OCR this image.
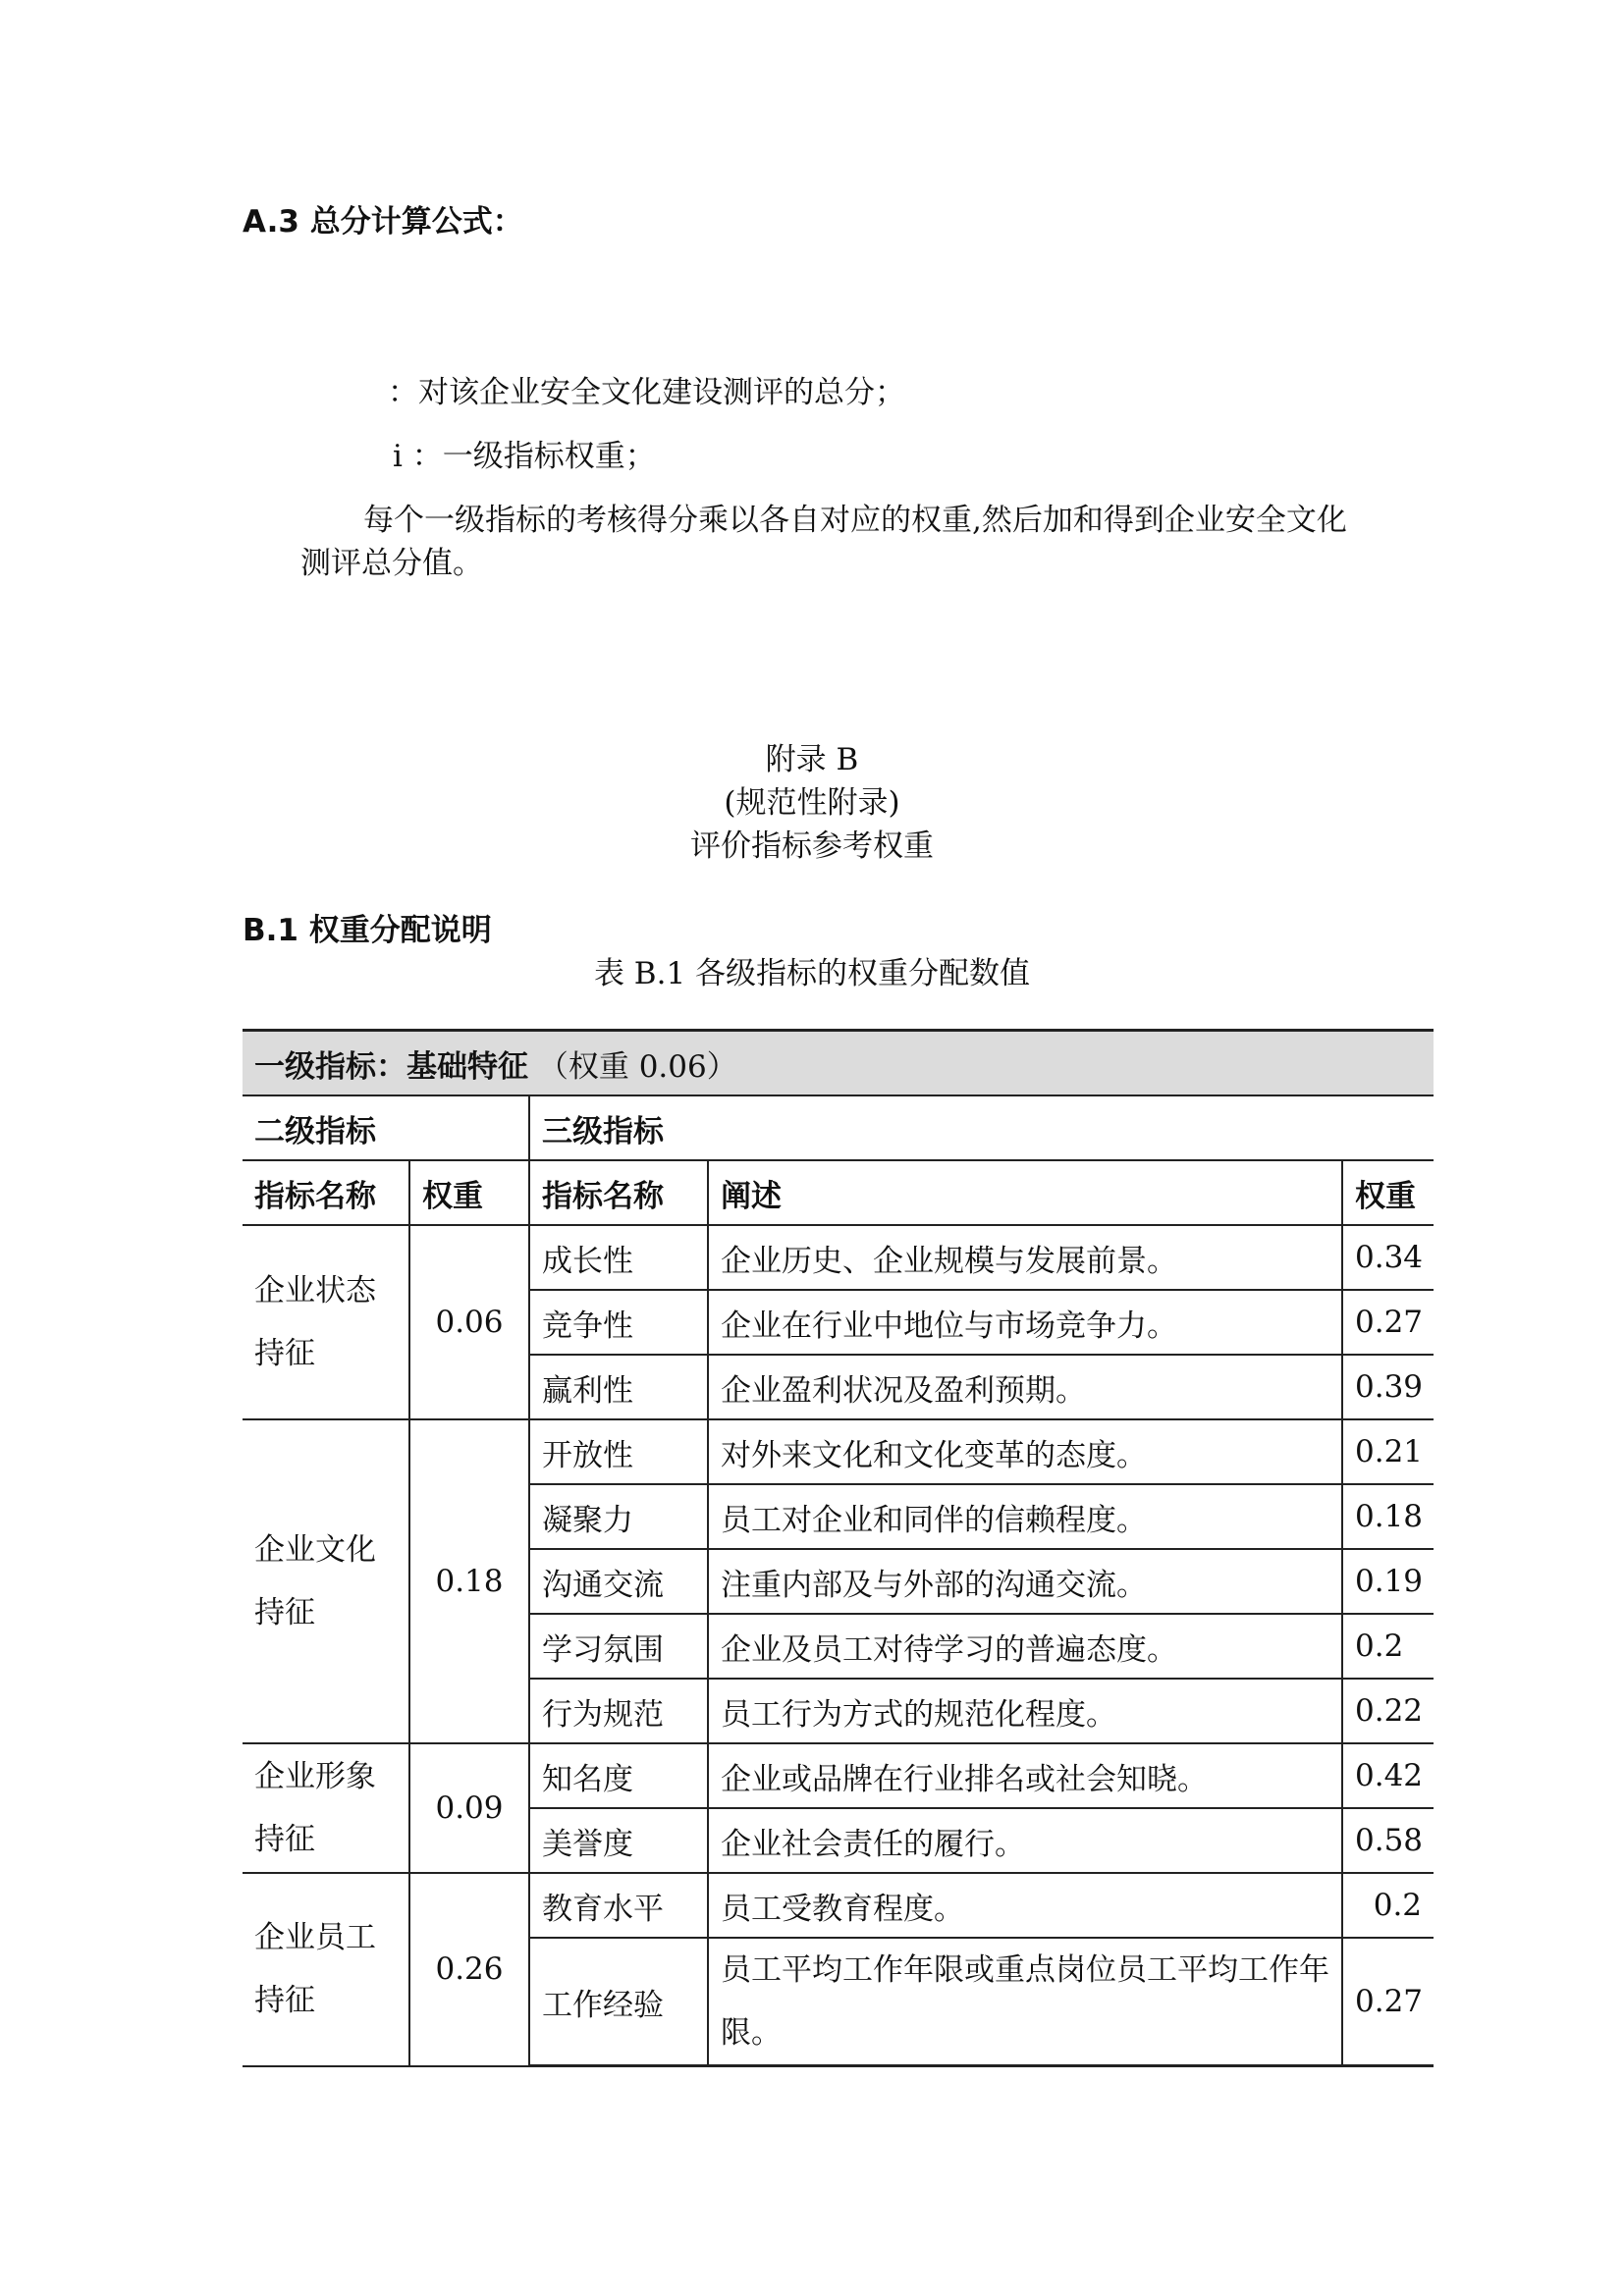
A.3 总分计算公式：
：对该企业安全文化建设测评的总分；
i ：一级指标权重；
每个一级指标的考核得分乘以各自对应的权重,然后加和得到企业安全文化
测评总分值。
附录 B
(规范性附录)
评价指标参考权重
B.1 权重分配说明
表 B.1 各级指标的权重分配数值
一级指标：基础特征 （权重 0.06）				
二级指标		三级指标		
指标名称	权重	指标名称	阐述	权重
企业状态持征	0.06	成长性	企业历史、企业规模与发展前景。	0.34
		竞争性	企业在行业中地位与市场竞争力。	0.27
		赢利性	企业盈利状况及盈利预期。	0.39
企业文化持征	0.18	开放性	对外来文化和文化变革的态度。	0.21
		凝聚力	员工对企业和同伴的信赖程度。	0.18
		沟通交流	注重内部及与外部的沟通交流。	0.19
		学习氛围	企业及员工对待学习的普遍态度。	0.2
		行为规范	员工行为方式的规范化程度。	0.22
企业形象持征	0.09	知名度	企业或品牌在行业排名或社会知晓。	0.42
		美誉度	企业社会责任的履行。	0.58
企业员工持征	0.26	教育水平	员工受教育程度。	0.2
		工作经验	员工平均工作年限或重点岗位员工平均工作年限。	0.27
